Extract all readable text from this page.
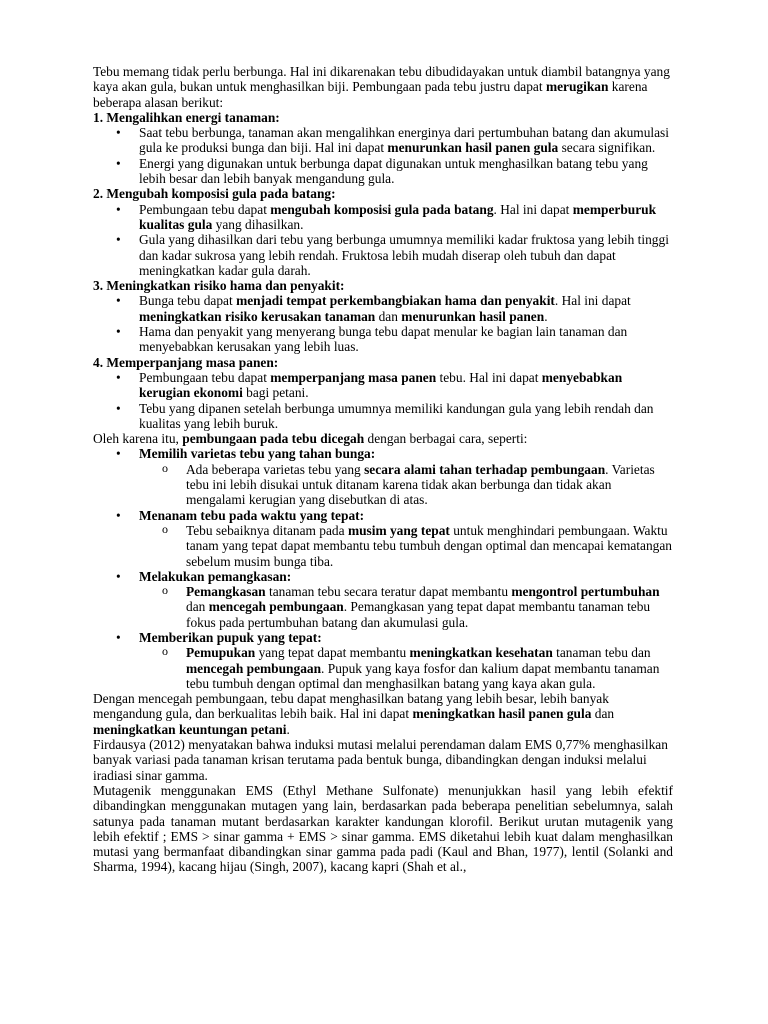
Tebu memang tidak perlu berbunga. Hal ini dikarenakan tebu dibudidayakan untuk diambil batangnya yang kaya akan gula, bukan untuk menghasilkan biji. Pembungaan pada tebu justru dapat merugikan karena beberapa alasan berikut:

1. Mengalihkan energi tanaman:
• Saat tebu berbunga, tanaman akan mengalihkan energinya dari pertumbuhan batang dan akumulasi gula ke produksi bunga dan biji. Hal ini dapat menurunkan hasil panen gula secara signifikan.
• Energi yang digunakan untuk berbunga dapat digunakan untuk menghasilkan batang tebu yang lebih besar dan lebih banyak mengandung gula.
2. Mengubah komposisi gula pada batang:
• Pembungaan tebu dapat mengubah komposisi gula pada batang. Hal ini dapat memperburuk kualitas gula yang dihasilkan.
• Gula yang dihasilkan dari tebu yang berbunga umumnya memiliki kadar fruktosa yang lebih tinggi dan kadar sukrosa yang lebih rendah. Fruktosa lebih mudah diserap oleh tubuh dan dapat meningkatkan kadar gula darah.
3. Meningkatkan risiko hama dan penyakit:
• Bunga tebu dapat menjadi tempat perkembangbiakan hama dan penyakit. Hal ini dapat meningkatkan risiko kerusakan tanaman dan menurunkan hasil panen.
• Hama dan penyakit yang menyerang bunga tebu dapat menular ke bagian lain tanaman dan menyebabkan kerusakan yang lebih luas.
4. Memperpanjang masa panen:
• Pembungaan tebu dapat memperpanjang masa panen tebu. Hal ini dapat menyebabkan kerugian ekonomi bagi petani.
• Tebu yang dipanen setelah berbunga umumnya memiliki kandungan gula yang lebih rendah dan kualitas yang lebih buruk.

Oleh karena itu, pembungaan pada tebu dicegah dengan berbagai cara, seperti:

• Memilih varietas tebu yang tahan bunga:
o Ada beberapa varietas tebu yang secara alami tahan terhadap pembungaan. Varietas tebu ini lebih disukai untuk ditanam karena tidak akan berbunga dan tidak akan mengalami kerugian yang disebutkan di atas.
• Menanam tebu pada waktu yang tepat:
o Tebu sebaiknya ditanam pada musim yang tepat untuk menghindari pembungaan. Waktu tanam yang tepat dapat membantu tebu tumbuh dengan optimal dan mencapai kematangan sebelum musim bunga tiba.
• Melakukan pemangkasan:
o Pemangkasan tanaman tebu secara teratur dapat membantu mengontrol pertumbuhan dan mencegah pembungaan. Pemangkasan yang tepat dapat membantu tanaman tebu fokus pada pertumbuhan batang dan akumulasi gula.
• Memberikan pupuk yang tepat:
o Pemupukan yang tepat dapat membantu meningkatkan kesehatan tanaman tebu dan mencegah pembungaan. Pupuk yang kaya fosfor dan kalium dapat membantu tanaman tebu tumbuh dengan optimal dan menghasilkan batang yang kaya akan gula.

Dengan mencegah pembungaan, tebu dapat menghasilkan batang yang lebih besar, lebih banyak mengandung gula, dan berkualitas lebih baik. Hal ini dapat meningkatkan hasil panen gula dan meningkatkan keuntungan petani.

Firdausya (2012) menyatakan bahwa induksi mutasi melalui perendaman dalam EMS 0,77% menghasilkan banyak variasi pada tanaman krisan terutama pada bentuk bunga, dibandingkan dengan induksi melalui iradiasi sinar gamma.

Mutagenik menggunakan EMS (Ethyl Methane Sulfonate) menunjukkan hasil yang lebih efektif dibandingkan menggunakan mutagen yang lain, berdasarkan pada beberapa penelitian sebelumnya, salah satunya pada tanaman mutant berdasarkan karakter kandungan klorofil. Berikut urutan mutagenik yang lebih efektif ; EMS > sinar gamma + EMS > sinar gamma. EMS diketahui lebih kuat dalam menghasilkan mutasi yang bermanfaat dibandingkan sinar gamma pada padi (Kaul and Bhan, 1977), lentil (Solanki and Sharma, 1994), kacang hijau (Singh, 2007), kacang kapri (Shah et al.,
